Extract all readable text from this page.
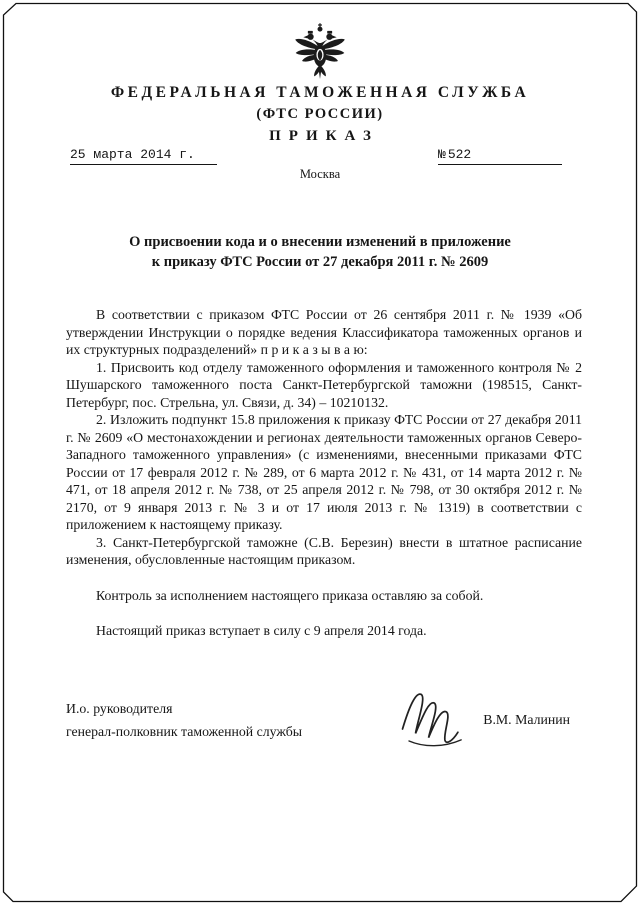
ФЕДЕРАЛЬНАЯ ТАМОЖЕННАЯ СЛУЖБА
(ФТС РОССИИ)
ПРИКАЗ
25 марта 2014 г.	№ 522
Москва
О присвоении кода и о внесении изменений в приложение
к приказу ФТС России от 27 декабря 2011 г. № 2609

В соответствии с приказом ФТС России от 26 сентября 2011 г. № 1939 «Об утверждении Инструкции о порядке ведения Классификатора таможенных органов и их структурных подразделений» п р и к а з ы в а ю:

1. Присвоить код отделу таможенного оформления и таможенного контроля № 2 Шушарского таможенного поста Санкт-Петербургской таможни (198515, Санкт-Петербург, пос. Стрельна, ул. Связи, д. 34) – 10210132.

2. Изложить подпункт 15.8 приложения к приказу ФТС России от 27 декабря 2011 г. № 2609 «О местонахождении и регионах деятельности таможенных органов Северо-Западного таможенного управления» (с изменениями, внесенными приказами ФТС России от 17 февраля 2012 г. № 289, от 6 марта 2012 г. № 431, от 14 марта 2012 г. № 471, от 18 апреля 2012 г. № 738, от 25 апреля 2012 г. № 798, от 30 октября 2012 г. № 2170, от 9 января 2013 г. № 3 и от 17 июля 2013 г. № 1319) в соответствии с приложением к настоящему приказу.

3. Санкт-Петербургской таможне (С.В. Березин) внести в штатное расписание изменения, обусловленные настоящим приказом.

Контроль за исполнением настоящего приказа оставляю за собой.

Настоящий приказ вступает в силу с 9 апреля 2014 года.

И.о. руководителя
генерал-полковник таможенной службы
В.М. Малинин
